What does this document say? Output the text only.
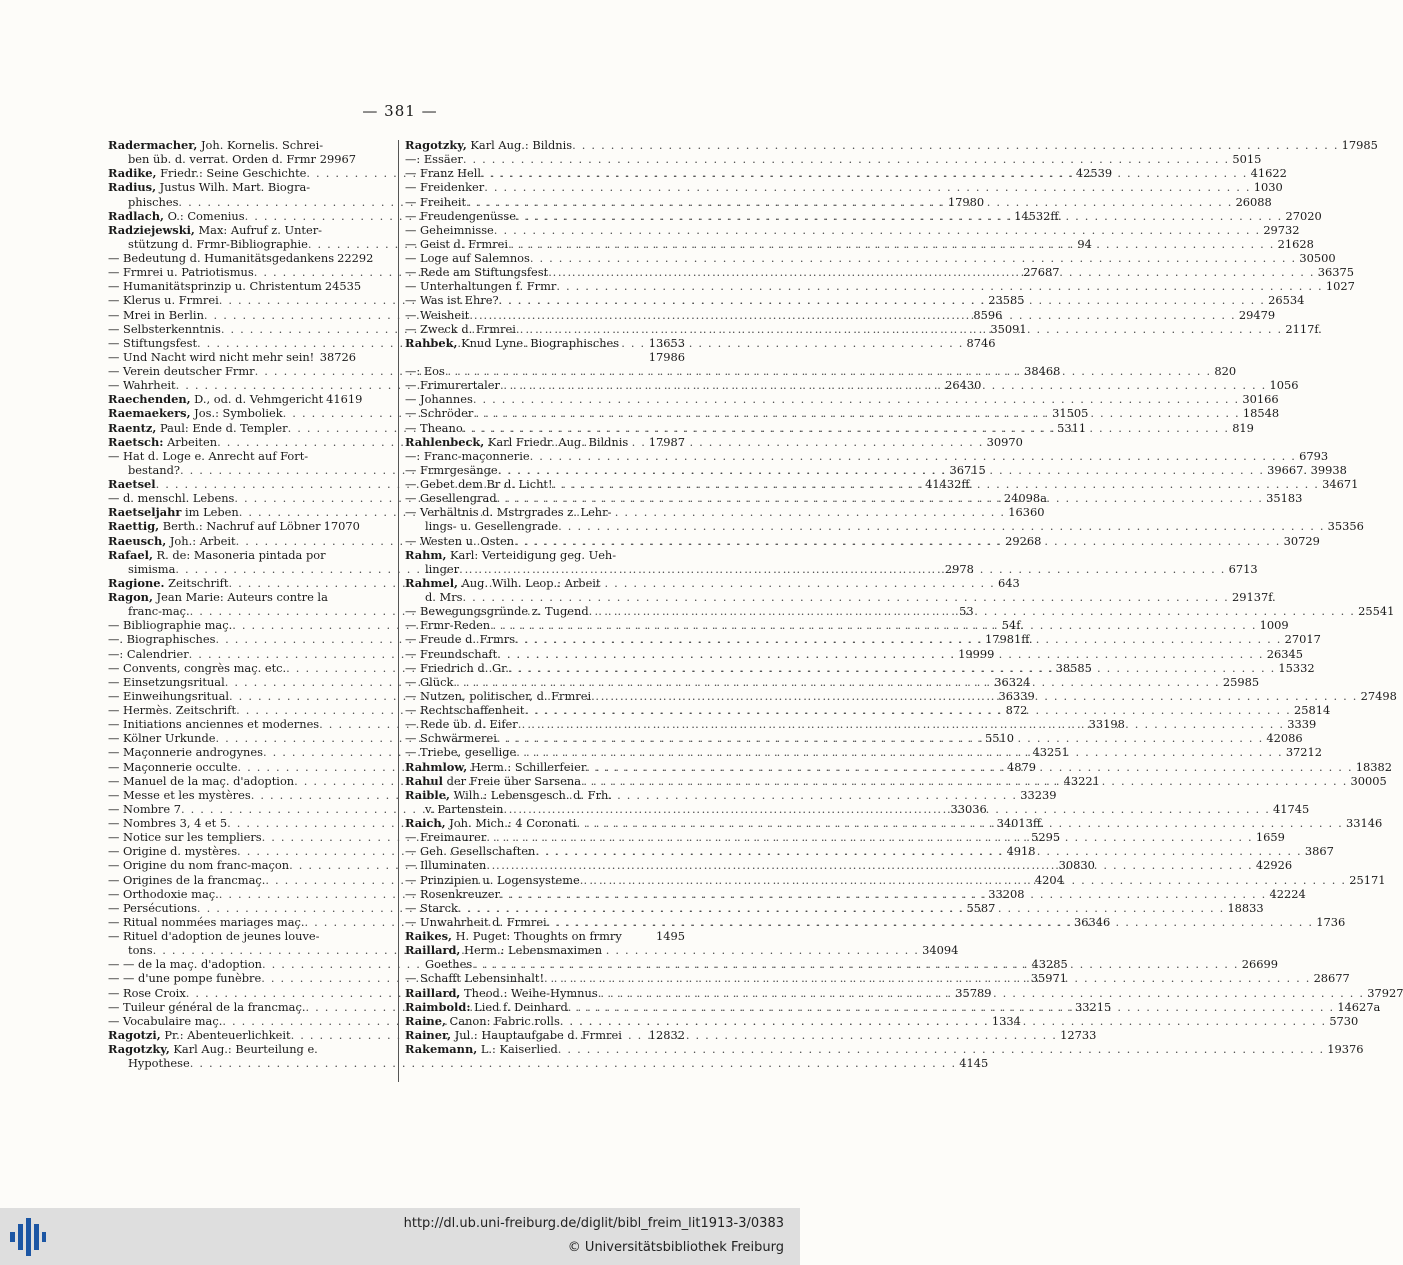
— 381 —
Radermacher, Joh. Kornelis. Schrei-
ben üb. d. verrat. Orden d. Frmr 29967
Radike, Friedr.: Seine Geschichte . . .	42539
Radius, Justus Wilh. Mart. Biogra-
phisches . . .	17980
Radlach, O.: Comenius . . .	14532ff.
Radziejewski, Max: Aufruf z. Unter-
stützung d. Frmr-Bibliographie . . .	94
— Bedeutung d. Humanitätsgedankens 22292
— Frmrei u. Patriotismus . . .	27687
— Humanitätsprinzip u. Christentum 24535
— Klerus u. Frmrei . . .	23585
— Mrei in Berlin . . .	8596
— Selbsterkenntnis . . .	35091
— Stiftungsfest . . .	8746
— Und Nacht wird nicht mehr sein! 38726
— Verein deutscher Frmr . . .	38468
— Wahrheit . . .	26430
Raechenden, D., od. d. Vehmgericht 41619
Raemaekers, Jos.: Symboliek . . .	31505
Raentz, Paul: Ende d. Templer . . .	5311
Raetsch: Arbeiten . . .	30970
— Hat d. Loge e. Anrecht auf Fort-
bestand? . . .	36715
Raetsel . . .	41432ff.
— d. menschl. Lebens . . .	24098a
Raetseljahr im Leben . . .	16360
Raettig, Berth.: Nachruf auf Löbner 17070
Raeusch, Joh.: Arbeit . . .	29268
Rafael, R. de: Masoneria pintada por
simisma . . .	2978
Ragione. Zeitschrift . . .	643
Ragon, Jean Marie: Auteurs contre la
franc-maç. . . .	53
— Bibliographie maç. . . .	54f.
—. Biographisches . . .	17981ff.
—: Calendrier . . .	19999
— Convents, congrès maç. etc. . . .	38585
— Einsetzungsritual . . .	36324
— Einweihungsritual . . .	36339
— Hermès. Zeitschrift . . .	872
— Initiations anciennes et modernes . . .	33198
— Kölner Urkunde . . .	5510
— Maçonnerie androgynes . . .	43251
— Maçonnerie occulte . . .	4879
— Manuel de la maç. d'adoption . . .	43221
— Messe et les mystères . . .	33239
— Nombre 7 . . .	33036
— Nombres 3, 4 et 5 . . .	34013ff.
— Notice sur les templiers . . .	5295
— Origine d. mystères . . .	4918
— Origine du nom franc-maçon . . .	30830
— Origines de la francmaç. . . .	4204
— Orthodoxie maç. . . .	33208
— Persécutions . . .	5587
— Ritual nommées mariages maç. . . .	36346
— Rituel d'adoption de jeunes louve-
tons . . .	34094
— — de la maç. d'adoption . . .	43285
— — d'une pompe funèbre . . .	35971
— Rose Croix . . .	35789
— Tuileur général de la francmaç. . . .	33215
— Vocabulaire maç. . . .	1334
Ragotzi, Pr.: Abenteuerlichkeit . . .	12733
Ragotzky, Karl Aug.: Beurteilung e.
Hypothese . . .	4145
Ragotzky, Karl Aug.: Bildnis . . .	17985
—: Essäer . . .	5015
— Franz Hell . . .	41622
— Freidenker . . .	1030
— Freiheit . . .	26088
— Freudengenüsse . . .	27020
— Geheimnisse . . .	29732
— Geist d. Frmrei . . .	21628
— Loge auf Salemnos . . .	30500
— Rede am Stiftungsfest . . .	36375
— Unterhaltungen f. Frmr . . .	1027
— Was ist Ehre? . . .	26534
— Weisheit . . .	29479
— Zweck d. Frmrei . . .	2117f.
Rahbek, Knud Lyne. Biographisches	13653
17986
—: Eos . . .	820
— Frimurertaler . . .	1056
— Johannes . . .	30166
— Schröder . . .	18548
— Theano . . .	819
Rahlenbeck, Karl Friedr. Aug. Bildnis 17987
—: Franc-maçonnerie . . .	6793
— Frmrgesänge . . .	39667. 39938
— Gebet dem Br d. Licht! . . .	34671
— Gesellengrad . . .	35183
— Verhältnis d. Mstrgrades z. Lehr-
lings- u. Gesellengrade . . .	35356
— Westen u. Osten . . .	30729
Rahm, Karl: Verteidigung geg. Ueh-
linger . . .	6713
Rahmel, Aug. Wilh. Leop.: Arbeit
d. Mrs . . .	29137f.
— Bewegungsgründe z. Tugend . . .	25541
— Frmr-Reden . . .	1009
— Freude d. Frmrs . . .	27017
— Freundschaft . . .	26345
— Friedrich d. Gr. . . .	15332
— Glück . . .	25985
— Nutzen, politischer, d. Frmrei . . .	27498
— Rechtschaffenheit . . .	25814
— Rede üb. d. Eifer . . .	3339
— Schwärmerei . . .	42086
— Triebe, gesellige . . .	37212
Rahmlow, Herm.: Schillerfeier . . .	18382
Rahul der Freie über Sarsena . . .	30005
Raible, Wilh.: Lebensgesch. d. Frh.
v. Partenstein . . .	41745
Raich, Joh. Mich.: 4 Coronati . . .	33146
— Freimaurer . . .	1659
— Geh. Gesellschaften . . .	3867
— Illuminaten . . .	42926
— Prinzipien u. Logensysteme . . .	25171
— Rosenkreuzer . . .	42224
— Starck . . .	18833
— Unwahrheit d. Frmrei . . .	1736
Raikes, H. Puget: Thoughts on frmry	1495
Raillard, Herm.: Lebensmaximen
Goethes . . .	26699
— Schafft Lebensinhalt! . . .	28677
Raillard, Theod.: Weihe-Hymnus . . .	37927
Raimbold: Lied f. Deinhard . . .	14627a
Raine, Canon: Fabric rolls . . .	5730
Rainer, Jul.: Hauptaufgabe d. Frmrei 12832
Rakemann, L.: Kaiserlied . . .	19376
http://dl.ub.uni-freiburg.de/diglit/bibl_freim_lit1913-3/0383
© Universitätsbibliothek Freiburg
